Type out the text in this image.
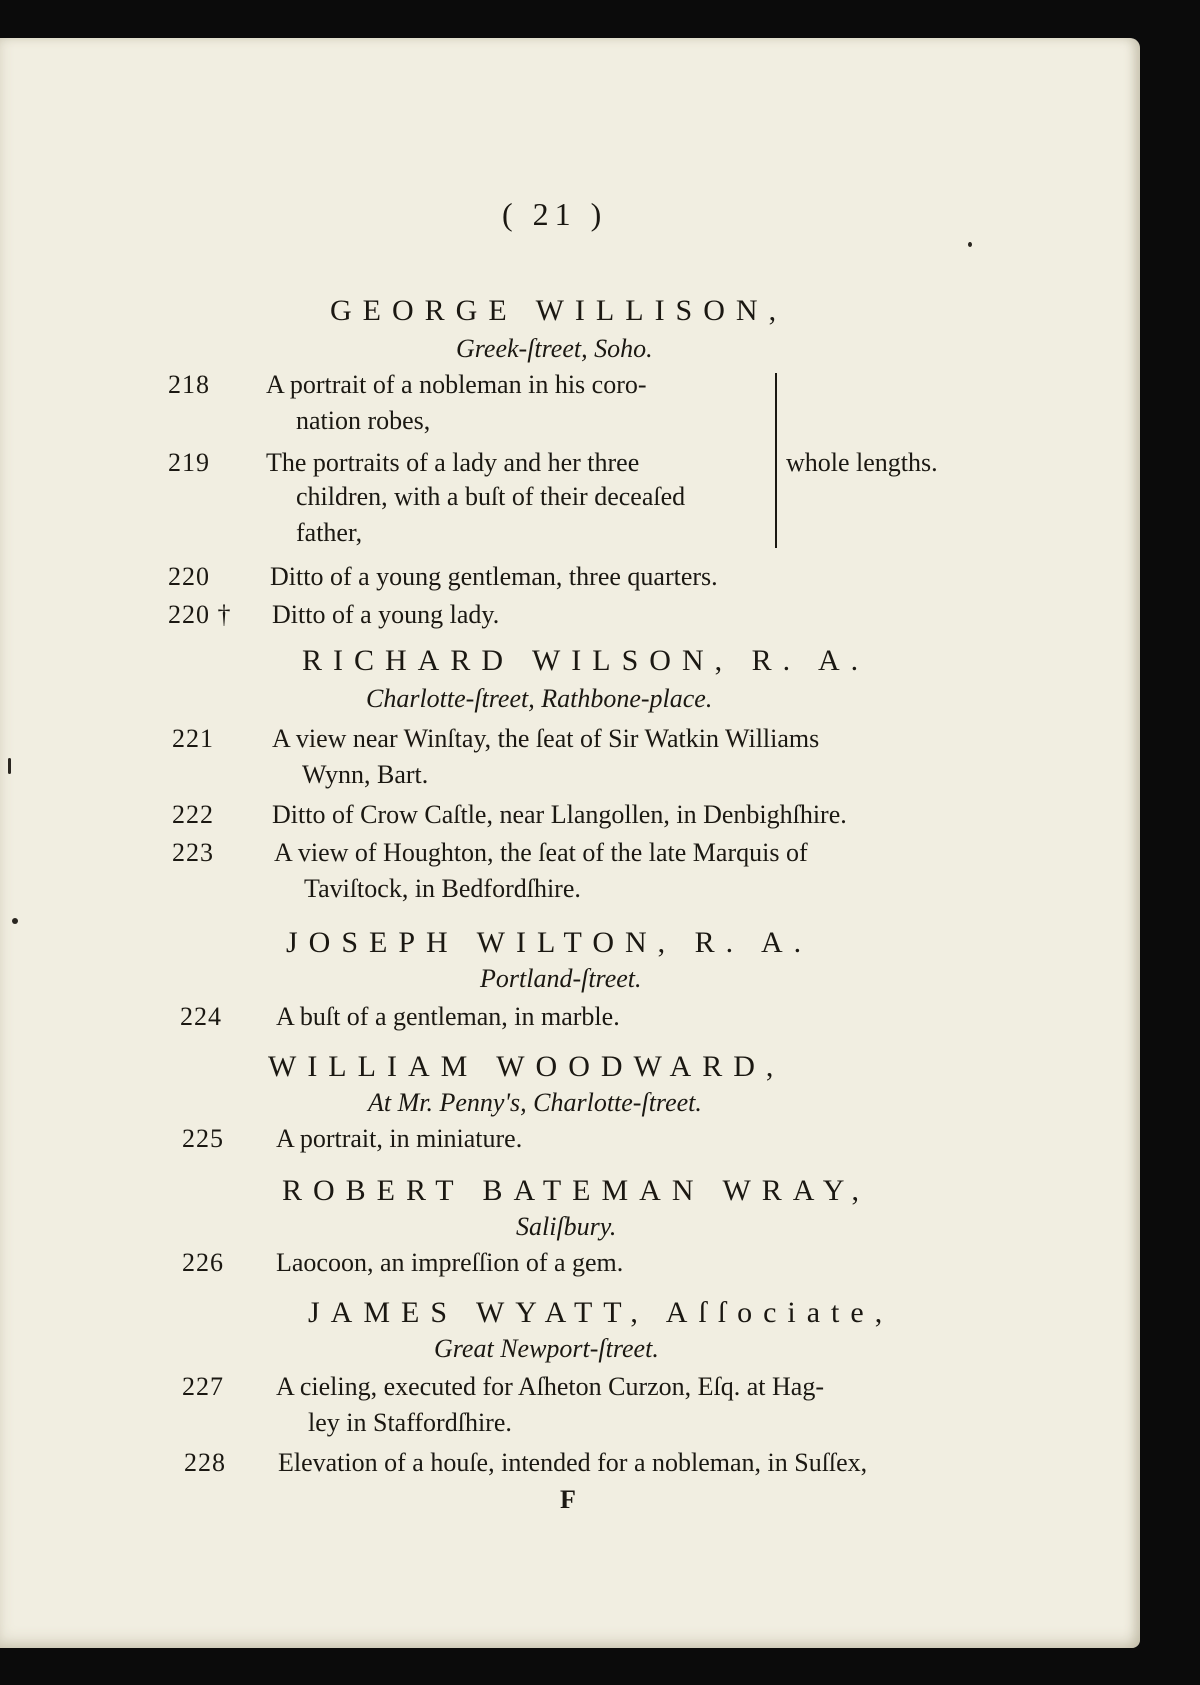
( 21 )
GEORGE WILLISON,
Greek-ſtreet, Soho.
218 A portrait of a nobleman in his coro-
nation robes,
219 The portraits of a lady and her three
children, with a buſt of their deceaſed
father,
whole lengths.
220 Ditto of a young gentleman, three quarters.
220 † Ditto of a young lady.
RICHARD WILSON, R. A.
Charlotte-ſtreet, Rathbone-place.
221 A view near Winſtay, the ſeat of Sir Watkin Williams
Wynn, Bart.
222 Ditto of Crow Caſtle, near Llangollen, in Denbighſhire.
223 A view of Houghton, the ſeat of the late Marquis of
Taviſtock, in Bedfordſhire.
JOSEPH WILTON, R. A.
Portland-ſtreet.
224 A buſt of a gentleman, in marble.
WILLIAM WOODWARD,
At Mr. Penny's, Charlotte-ſtreet.
225 A portrait, in miniature.
ROBERT BATEMAN WRAY,
Saliſbury.
226 Laocoon, an impreſſion of a gem.
JAMES WYATT, Aſſociate,
Great Newport-ſtreet.
227 A cieling, executed for Aſheton Curzon, Eſq. at Hag-
ley in Staffordſhire.
228 Elevation of a houſe, intended for a nobleman, in Suſſex,
F
